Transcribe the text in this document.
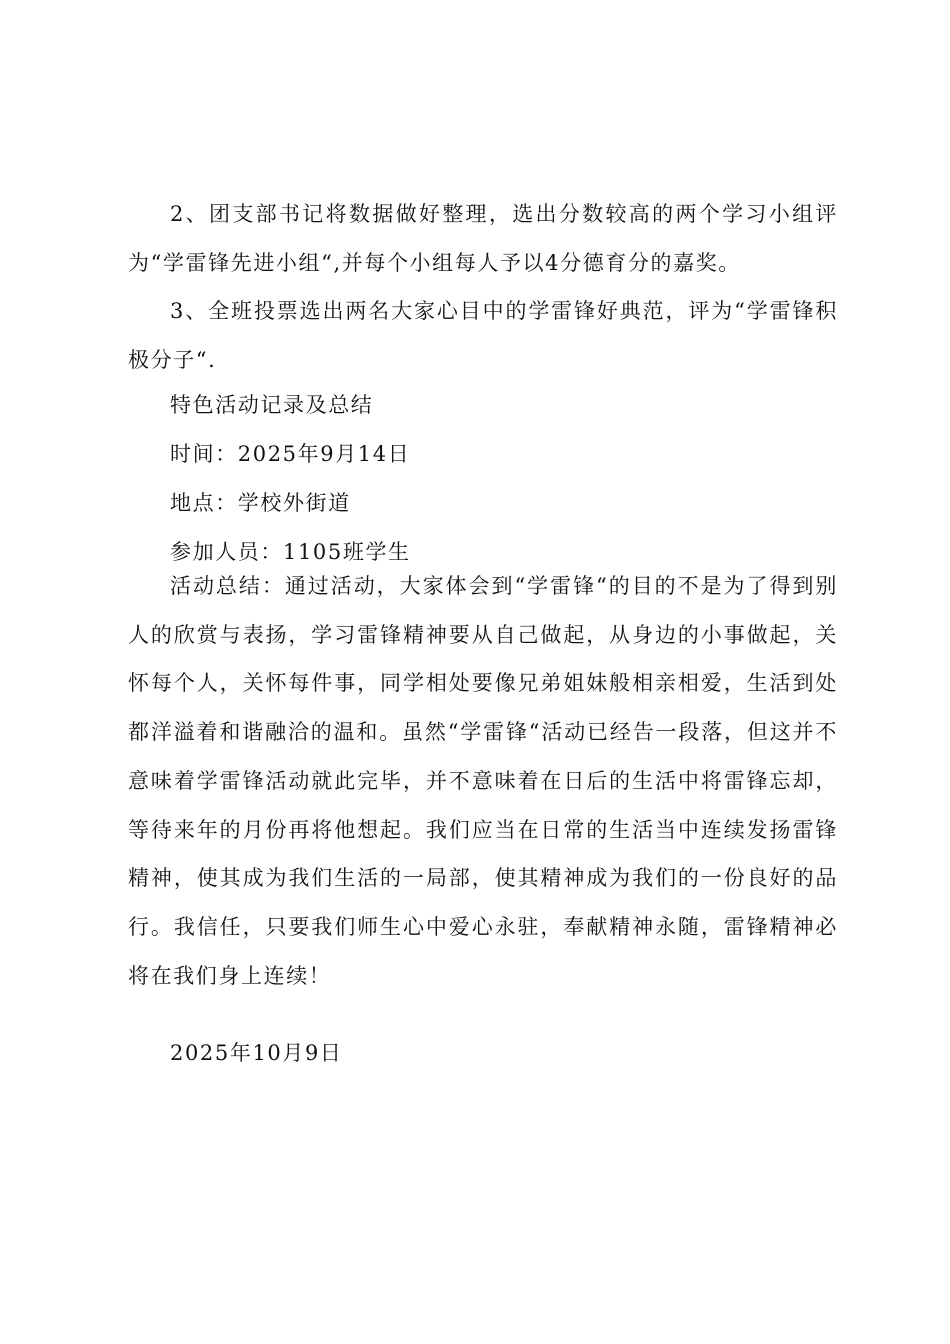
2、团支部书记将数据做好整理，选出分数较高的两个学习小组评为“学雷锋先进小组“,并每个小组每人予以4分德育分的嘉奖。

3、全班投票选出两名大家心目中的学雷锋好典范，评为“学雷锋积极分子“.

特色活动记录及总结

时间：2025年9月14日

地点：学校外街道

参加人员：1105班学生

活动总结：通过活动，大家体会到“学雷锋“的目的不是为了得到别人的欣赏与表扬，学习雷锋精神要从自己做起，从身边的小事做起，关怀每个人，关怀每件事，同学相处要像兄弟姐妹般相亲相爱，生活到处都洋溢着和谐融洽的温和。虽然“学雷锋“活动已经告一段落，但这并不意味着学雷锋活动就此完毕，并不意味着在日后的生活中将雷锋忘却，等待来年的月份再将他想起。我们应当在日常的生活当中连续发扬雷锋精神，使其成为我们生活的一局部，使其精神成为我们的一份良好的品行。我信任，只要我们师生心中爱心永驻，奉献精神永随，雷锋精神必将在我们身上连续！

2025年10月9日
